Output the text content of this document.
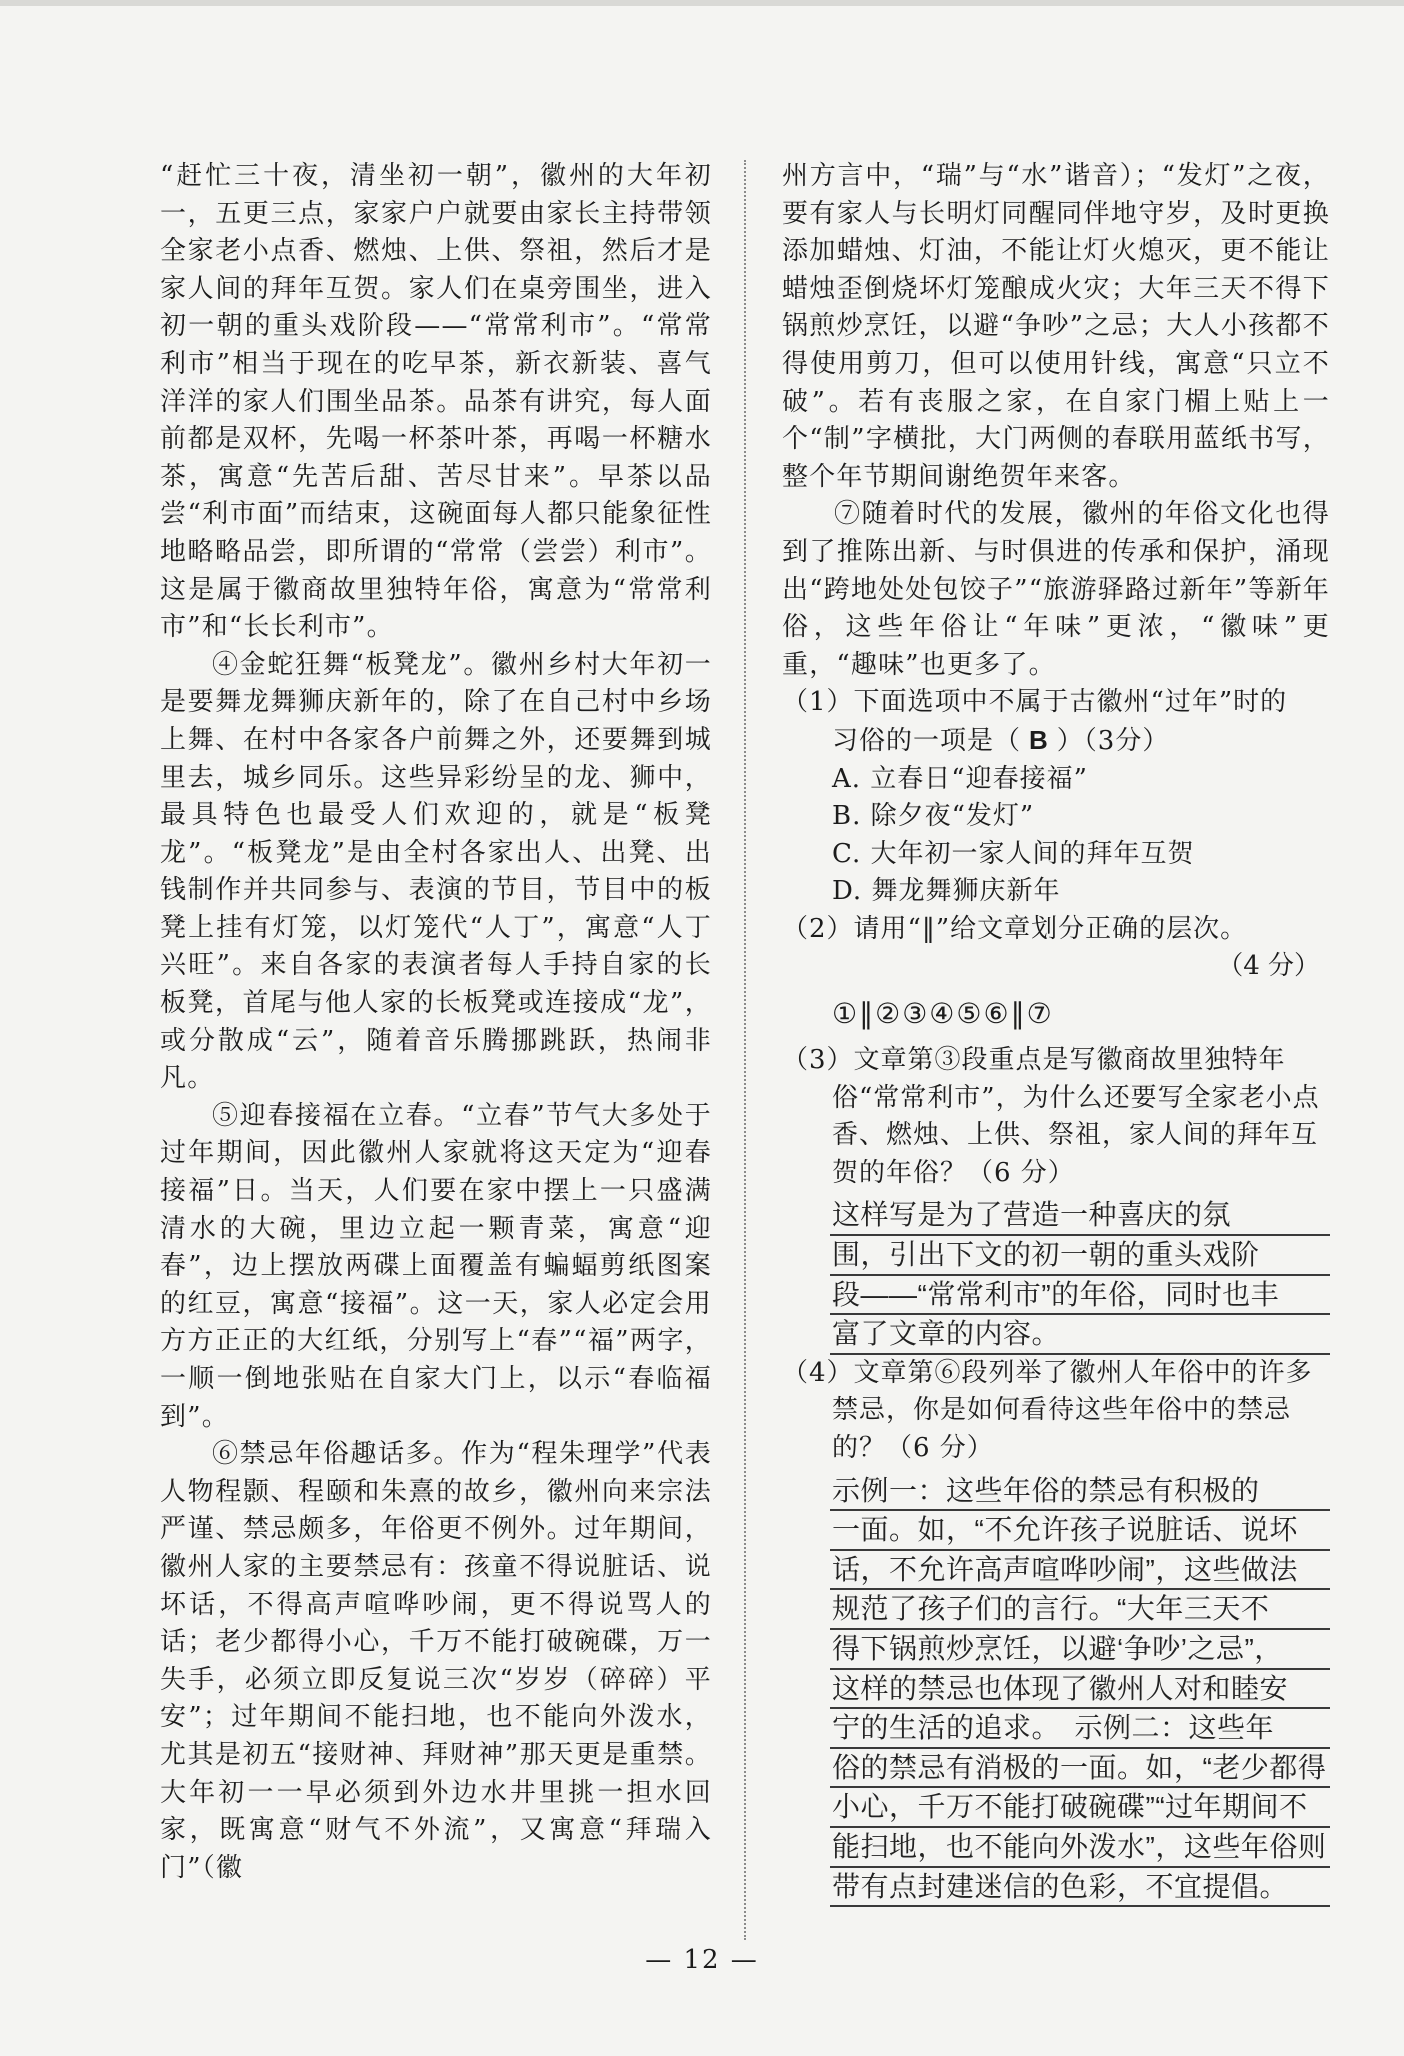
“赶忙三十夜，清坐初一朝”，徽州的大年初一，五更三点，家家户户就要由家长主持带领全家老小点香、燃烛、上供、祭祖，然后才是家人间的拜年互贺。家人们在桌旁围坐，进入初一朝的重头戏阶段——“常常利市”。“常常利市”相当于现在的吃早茶，新衣新装、喜气洋洋的家人们围坐品茶。品茶有讲究，每人面前都是双杯，先喝一杯茶叶茶，再喝一杯糖水茶，寓意“先苦后甜、苦尽甘来”。早茶以品尝“利市面”而结束，这碗面每人都只能象征性地略略品尝，即所谓的“常常（尝尝）利市”。这是属于徽商故里独特年俗，寓意为“常常利市”和“长长利市”。

④金蛇狂舞“板凳龙”。徽州乡村大年初一是要舞龙舞狮庆新年的，除了在自己村中乡场上舞、在村中各家各户前舞之外，还要舞到城里去，城乡同乐。这些异彩纷呈的龙、狮中，最具特色也最受人们欢迎的，就是“板凳龙”。“板凳龙”是由全村各家出人、出凳、出钱制作并共同参与、表演的节目，节目中的板凳上挂有灯笼，以灯笼代“人丁”，寓意“人丁兴旺”。来自各家的表演者每人手持自家的长板凳，首尾与他人家的长板凳或连接成“龙”，或分散成“云”，随着音乐腾挪跳跃，热闹非凡。

⑤迎春接福在立春。“立春”节气大多处于过年期间，因此徽州人家就将这天定为“迎春接福”日。当天，人们要在家中摆上一只盛满清水的大碗，里边立起一颗青菜，寓意“迎春”，边上摆放两碟上面覆盖有蝙蝠剪纸图案的红豆，寓意“接福”。这一天，家人必定会用方方正正的大红纸，分别写上“春”“福”两字，一顺一倒地张贴在自家大门上，以示“春临福到”。

⑥禁忌年俗趣话多。作为“程朱理学”代表人物程颢、程颐和朱熹的故乡，徽州向来宗法严谨、禁忌颇多，年俗更不例外。过年期间，徽州人家的主要禁忌有：孩童不得说脏话、说坏话，不得高声喧哗吵闹，更不得说骂人的话；老少都得小心，千万不能打破碗碟，万一失手，必须立即反复说三次“岁岁（碎碎）平安”；过年期间不能扫地，也不能向外泼水，尤其是初五“接财神、拜财神”那天更是重禁。大年初一一早必须到外边水井里挑一担水回家，既寓意“财气不外流”，又寓意“拜瑞入门”（徽

州方言中，“瑞”与“水”谐音）；“发灯”之夜，要有家人与长明灯同醒同伴地守岁，及时更换添加蜡烛、灯油，不能让灯火熄灭，更不能让蜡烛歪倒烧坏灯笼酿成火灾；大年三天不得下锅煎炒烹饪，以避“争吵”之忌；大人小孩都不得使用剪刀，但可以使用针线，寓意“只立不破”。若有丧服之家，在自家门楣上贴上一个“制”字横批，大门两侧的春联用蓝纸书写，整个年节期间谢绝贺年来客。

⑦随着时代的发展，徽州的年俗文化也得到了推陈出新、与时俱进的传承和保护，涌现出“跨地处处包饺子”“旅游驿路过新年”等新年俗，这些年俗让“年味”更浓，“徽味”更重，“趣味”也更多了。

（1）下面选项中不属于古徽州“过年”时的

习俗的一项是（ B ）（3分）

A. 立春日“迎春接福”
B. 除夕夜“发灯”
C. 大年初一家人间的拜年互贺
D. 舞龙舞狮庆新年

（2）请用“‖”给文章划分正确的层次。

（4 分）
①‖②③④⑤⑥‖⑦

（3）文章第③段重点是写徽商故里独特年俗“常常利市”，为什么还要写全家老小点香、燃烛、上供、祭祖，家人间的拜年互贺的年俗？（6 分）

这样写是为了营造一种喜庆的氛
围，引出下文的初一朝的重头戏阶
段——“常常利市”的年俗，同时也丰
富了文章的内容。

（4）文章第⑥段列举了徽州人年俗中的许多禁忌，你是如何看待这些年俗中的禁忌的？（6 分）

示例一：这些年俗的禁忌有积极的
一面。如，“不允许孩子说脏话、说坏
话，不允许高声喧哗吵闹”，这些做法
规范了孩子们的言行。“大年三天不
得下锅煎炒烹饪，以避‘争吵’之忌”，
这样的禁忌也体现了徽州人对和睦安
宁的生活的追求。　示例二：这些年
俗的禁忌有消极的一面。如，“老少都得
小心，千万不能打破碗碟”“过年期间不
能扫地，也不能向外泼水”，这些年俗则
带有点封建迷信的色彩，不宜提倡。
— 12 —
